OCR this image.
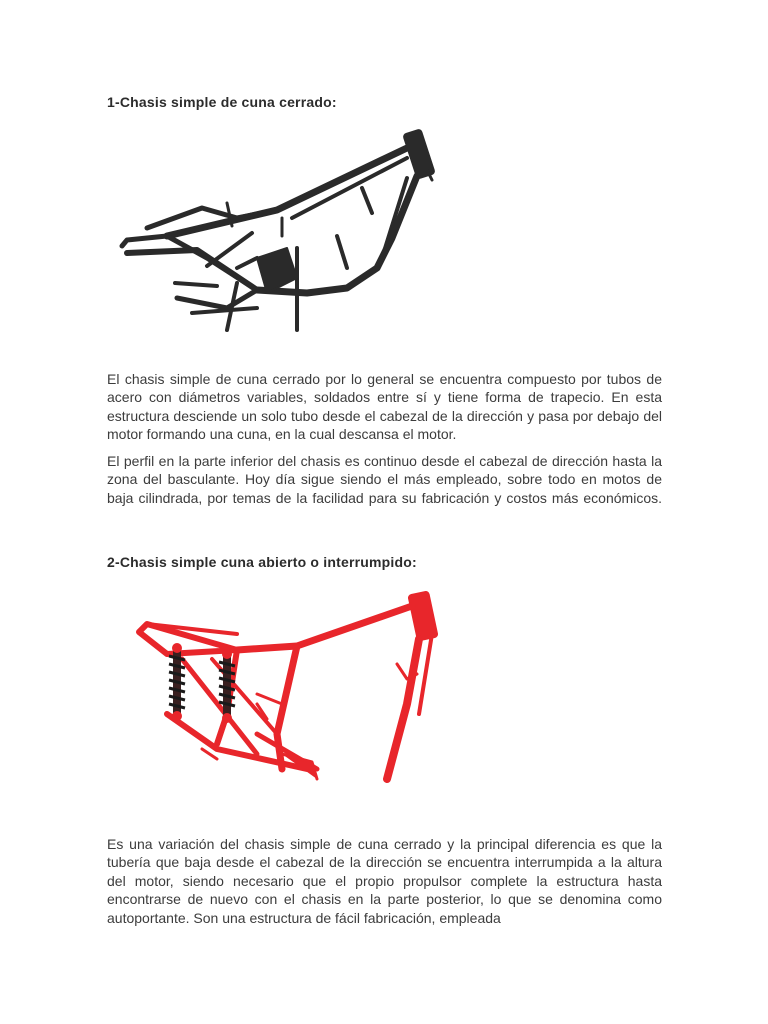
1-Chasis simple de cuna cerrado:

El chasis simple de cuna cerrado por lo general se encuentra compuesto por tubos de acero con diámetros variables, soldados entre sí y tiene forma de trapecio. En esta estructura desciende un solo tubo desde el cabezal de la dirección y pasa por debajo del motor formando una cuna, en la cual descansa el motor.

El perfil en la parte inferior del chasis es continuo desde el cabezal de dirección hasta la zona del basculante. Hoy día sigue siendo el más empleado, sobre todo en motos de baja cilindrada, por temas de la facilidad para su fabricación y costos más económicos.

2-Chasis simple cuna abierto o interrumpido:

Es una variación del chasis simple de cuna cerrado y la principal diferencia es que la tubería que baja desde el cabezal de la dirección se encuentra interrumpida a la altura del motor, siendo necesario que el propio propulsor complete la estructura hasta encontrarse de nuevo con el chasis en la parte posterior, lo que se denomina como autoportante. Son una estructura de fácil fabricación, empleada
